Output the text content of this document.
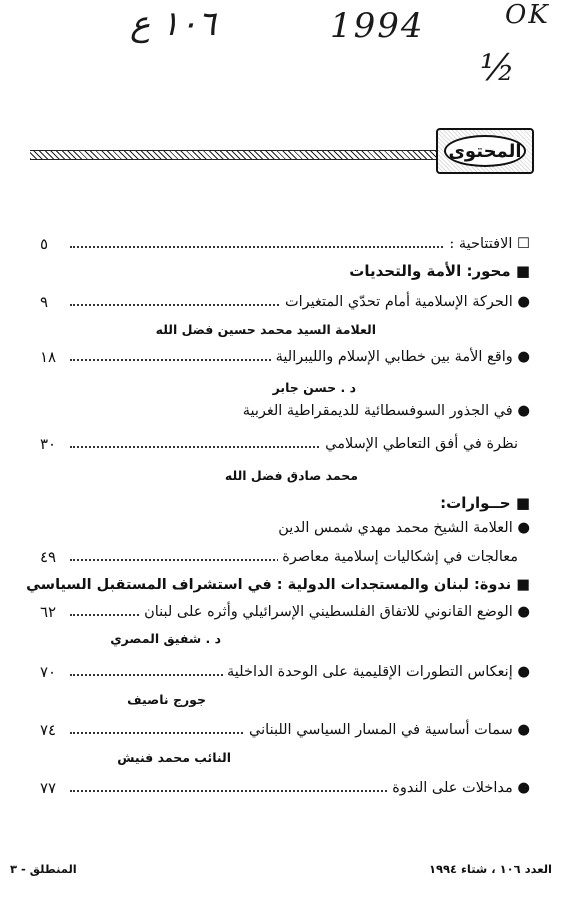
١٠٦ ع	1994	OK
½
المحتوى
٥	☐ الافتتاحية :
■ محور: الأمة والتحديات
٩	● الحركة الإسلامية أمام تحدّي المتغيرات
العلامة السيد محمد حسين فضل الله
١٨	● واقع الأمة بين خطابي الإسلام والليبرالية
د . حسن جابر
● في الجذور السوفسطائية للديمقراطية الغربية
٣٠	نظرة في أفق التعاطي الإسلامي
محمد صادق فضل الله
■ حــوارات:
● العلامة الشيخ محمد مهدي شمس الدين
٤٩	معالجات في إشكاليات إسلامية معاصرة
■ ندوة: لبنان والمستجدات الدولية : في استشراف المستقبل السياسي
٦٢	● الوضع القانوني للاتفاق الفلسطيني الإسرائيلي وأثره على لبنان
د . شفيق المصري
٧٠	● إنعكاس التطورات الإقليمية على الوحدة الداخلية
جورج ناصيف
٧٤	● سمات أساسية في المسار السياسي اللبناني
النائب محمد فنيش
٧٧	● مداخلات على الندوة
المنطلق - ٣	العدد ١٠٦ ، شتاء ١٩٩٤
